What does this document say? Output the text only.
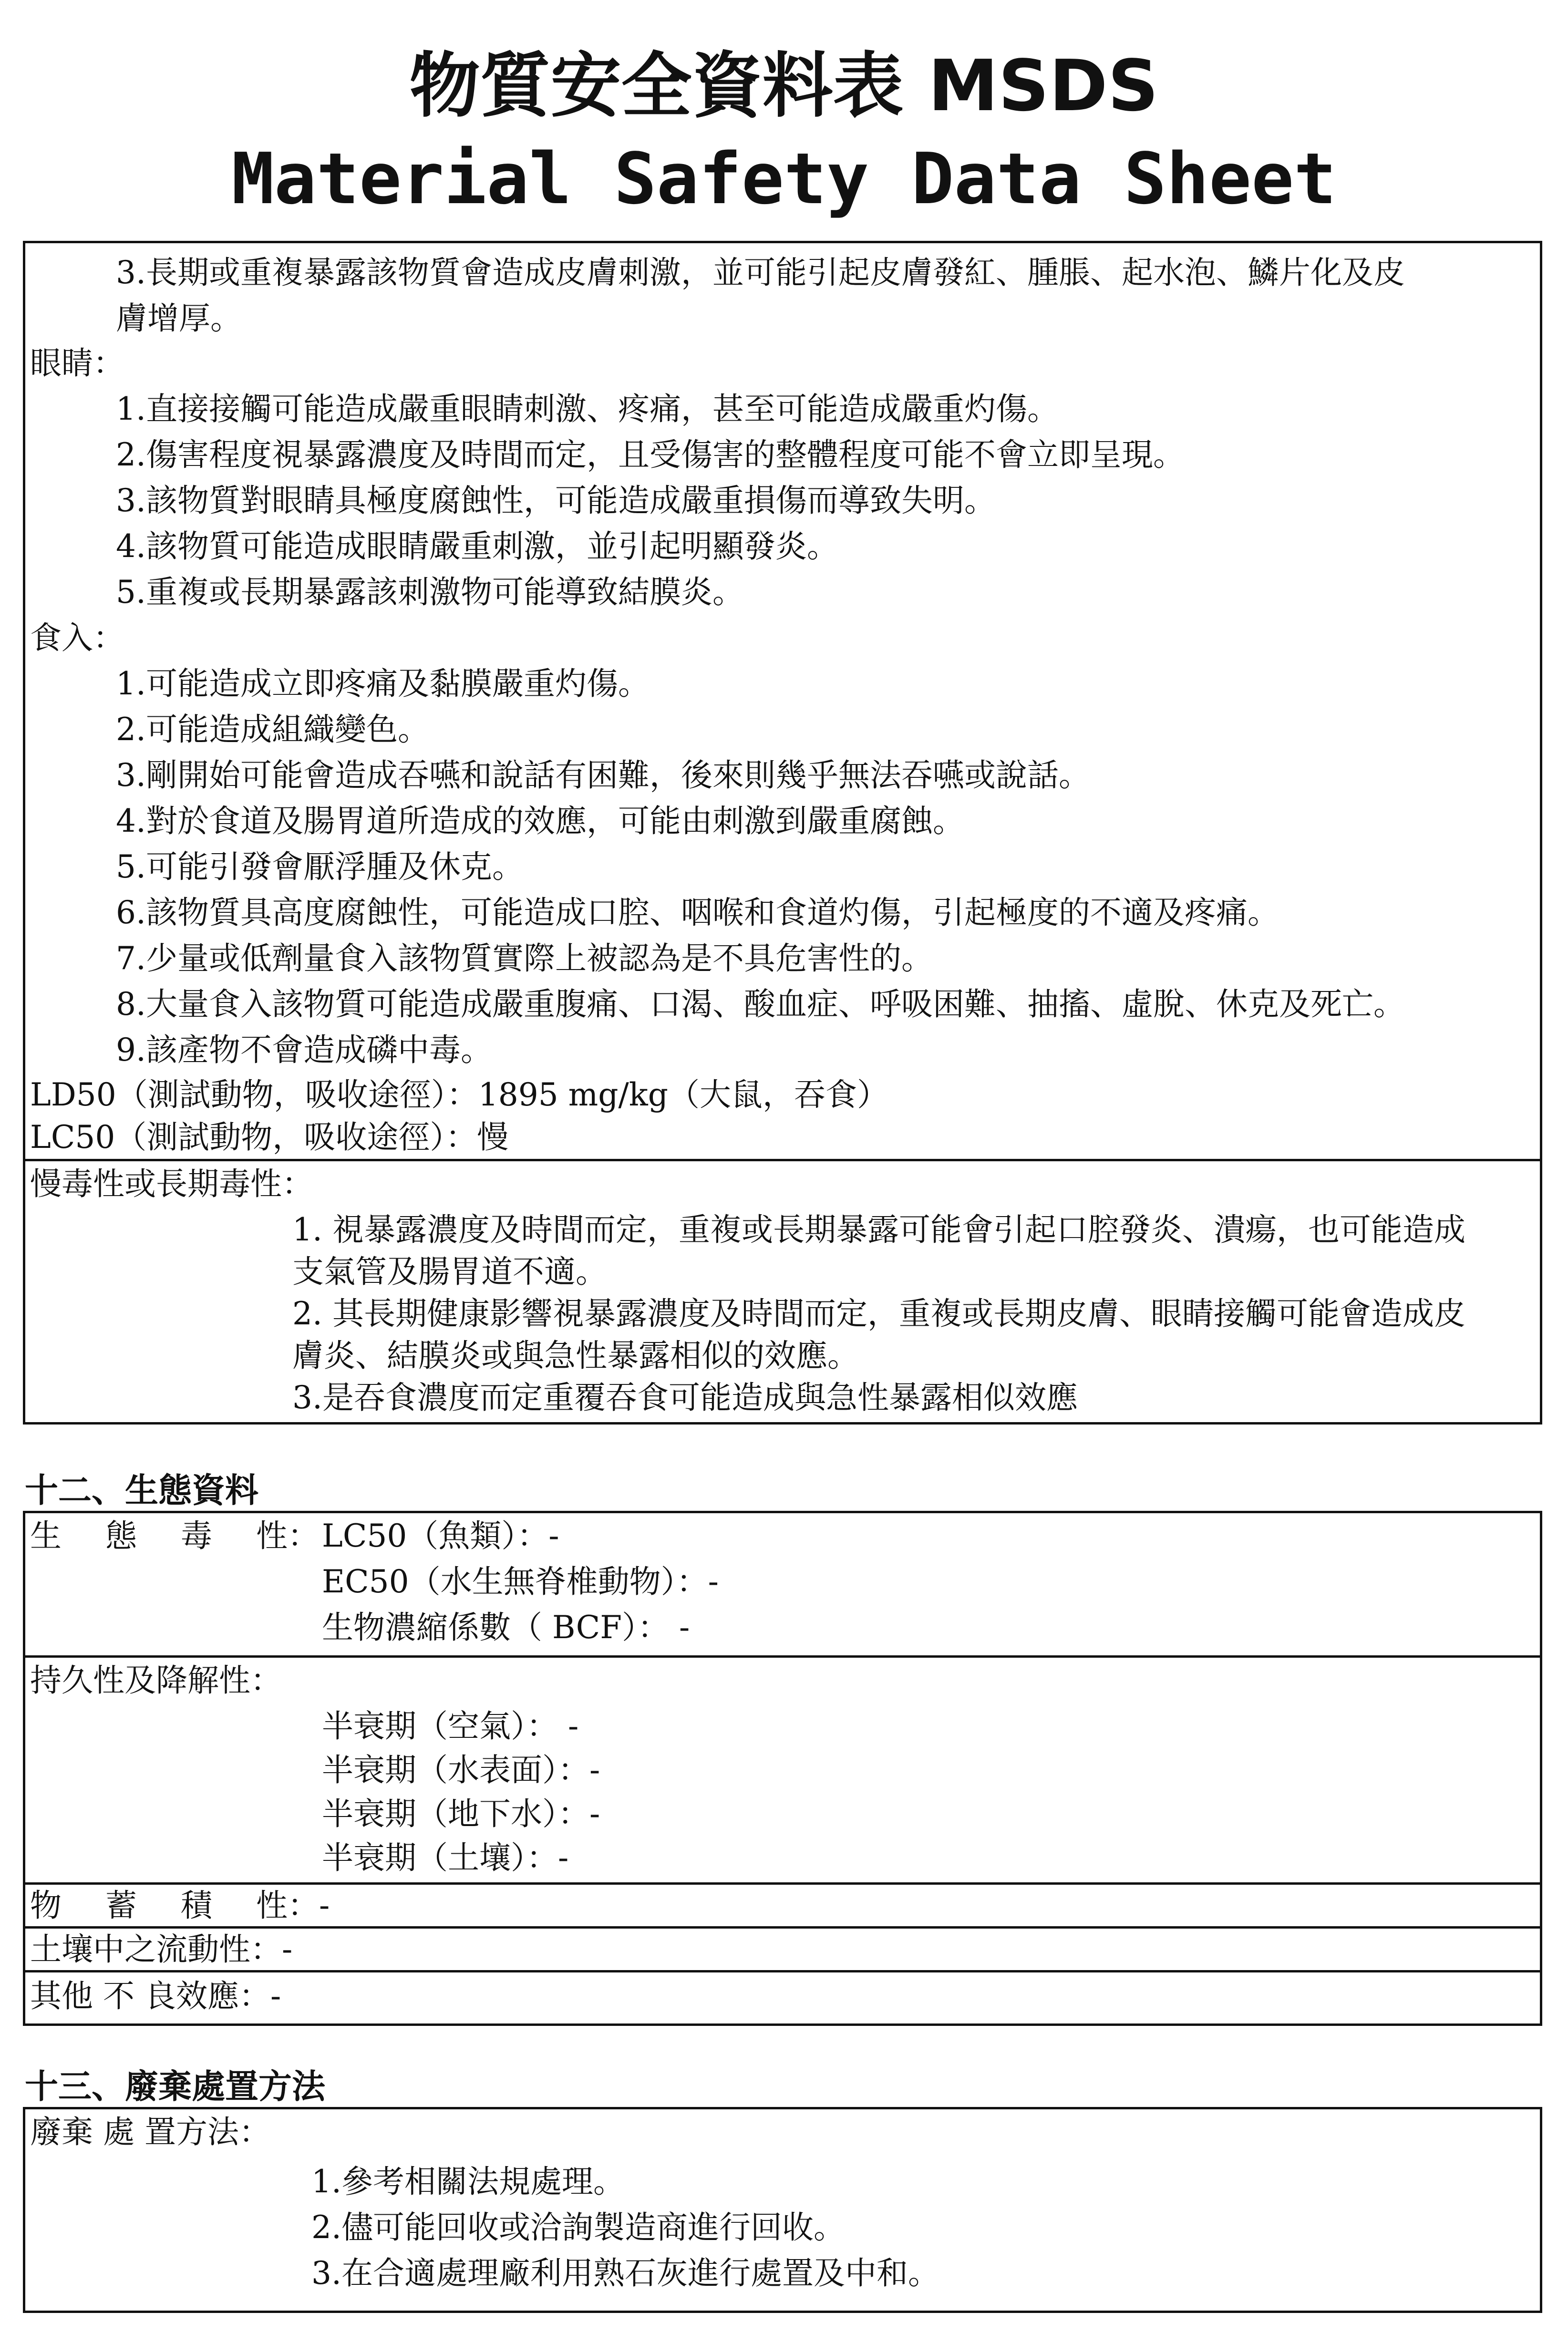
物質安全資料表 MSDS
Material Safety Data Sheet
3.長期或重複暴露該物質會造成皮膚刺激，並可能引起皮膚發紅、腫脹、起水泡、鱗片化及皮
膚增厚。
眼睛：
1.直接接觸可能造成嚴重眼睛刺激、疼痛，甚至可能造成嚴重灼傷。
2.傷害程度視暴露濃度及時間而定，且受傷害的整體程度可能不會立即呈現。
3.該物質對眼睛具極度腐蝕性，可能造成嚴重損傷而導致失明。
4.該物質可能造成眼睛嚴重刺激，並引起明顯發炎。
5.重複或長期暴露該刺激物可能導致結膜炎。
食入：
1.可能造成立即疼痛及黏膜嚴重灼傷。
2.可能造成組織變色。
3.剛開始可能會造成吞嚥和說話有困難，後來則幾乎無法吞嚥或說話。
4.對於食道及腸胃道所造成的效應，可能由刺激到嚴重腐蝕。
5.可能引發會厭浮腫及休克。
6.該物質具高度腐蝕性，可能造成口腔、咽喉和食道灼傷，引起極度的不適及疼痛。
7.少量或低劑量食入該物質實際上被認為是不具危害性的。
8.大量食入該物質可能造成嚴重腹痛、口渴、酸血症、呼吸困難、抽搐、虛脫、休克及死亡。
9.該產物不會造成磷中毒。
LD50（測試動物，吸收途徑）：1895 mg/kg（大鼠，吞食）
LC50（測試動物，吸收途徑）：慢
慢毒性或長期毒性：
1. 視暴露濃度及時間而定，重複或長期暴露可能會引起口腔發炎、潰瘍，也可能造成
支氣管及腸胃道不適。
2. 其長期健康影響視暴露濃度及時間而定，重複或長期皮膚、眼睛接觸可能會造成皮
膚炎、結膜炎或與急性暴露相似的效應。
3.是吞食濃度而定重覆吞食可能造成與急性暴露相似效應
十二、生態資料
生態毒性： LC50（魚類）：-
EC50（水生無脊椎動物）：-
生物濃縮係數（ BCF）： -
持久性及降解性：
半衰期（空氣）： -
半衰期（水表面）：-
半衰期（地下水）：-
半衰期（土壤）：-
物蓄積性：-
土壤中之流動性：-
其他 不 良效應：-
十三、廢棄處置方法
廢棄 處 置方法：
1.參考相關法規處理。
2.儘可能回收或洽詢製造商進行回收。
3.在合適處理廠利用熟石灰進行處置及中和。
